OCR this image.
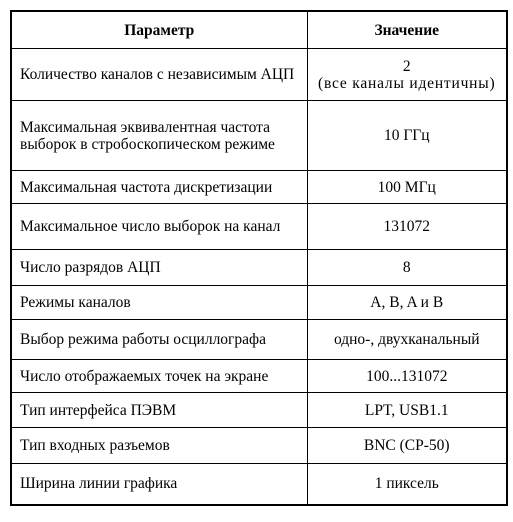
Параметр	Значение
Количество каналов с независимым АЦП	2
(все каналы идентичны)

Максимальная эквивалентная частота выборок в стробоскопическом режиме	10 ГГц
Максимальная частота дискретизации	100 МГц
Максимальное число выборок на канал	131072
Число разрядов АЦП	8
Режимы каналов	A, B, A и B
Выбор режима работы осциллографа	одно-, двухканальный
Число отображаемых точек на экране	100...131072
Тип интерфейса ПЭВМ	LPT, USB1.1
Тип входных разъемов	BNC (СР-50)
Ширина линии графика	1 пиксель
